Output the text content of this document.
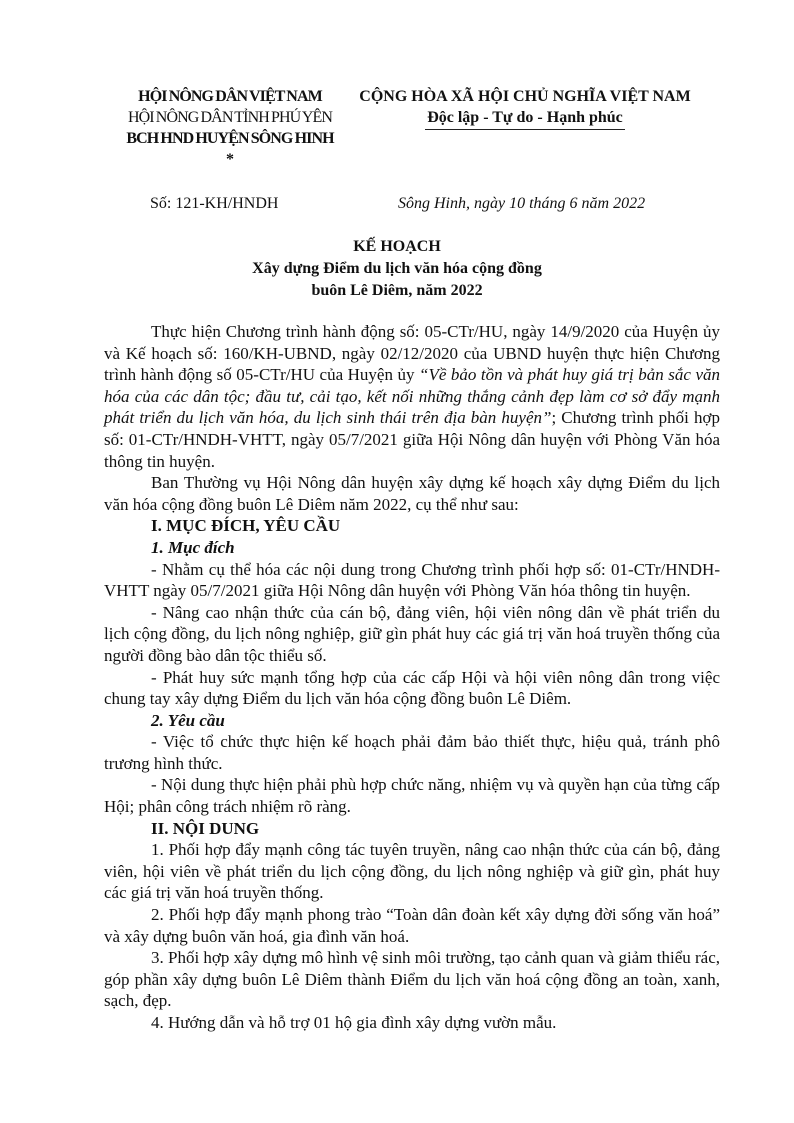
HỘI NÔNG DÂN VIỆT NAM
HỘI NÔNG DÂN TỈNH PHÚ YÊN
BCH HND HUYỆN SÔNG HINH
*
CỘNG HÒA XÃ HỘI CHỦ NGHĨA VIỆT NAM
Độc lập - Tự do - Hạnh phúc
Số: 121-KH/HNDH	Sông Hinh, ngày 10 tháng 6 năm 2022
KẾ HOẠCH
Xây dựng Điểm du lịch văn hóa cộng đồng
buôn Lê Diêm, năm 2022

Thực hiện Chương trình hành động số: 05-CTr/HU, ngày 14/9/2020 của Huyện ủy và Kế hoạch số: 160/KH-UBND, ngày 02/12/2020 của UBND huyện thực hiện Chương trình hành động số 05-CTr/HU của Huyện ủy “Về bảo tồn và phát huy giá trị bản sắc văn hóa của các dân tộc; đầu tư, cải tạo, kết nối những thắng cảnh đẹp làm cơ sở đẩy mạnh phát triển du lịch văn hóa, du lịch sinh thái trên địa bàn huyện”; Chương trình phối hợp số: 01-CTr/HNDH-VHTT, ngày 05/7/2021 giữa Hội Nông dân huyện với Phòng Văn hóa thông tin huyện.

Ban Thường vụ Hội Nông dân huyện xây dựng kế hoạch xây dựng Điểm du lịch văn hóa cộng đồng buôn Lê Diêm năm 2022, cụ thể như sau:

I. MỤC ĐÍCH, YÊU CẦU

1. Mục đích

- Nhằm cụ thể hóa các nội dung trong Chương trình phối hợp số: 01-CTr/HNDH-VHTT ngày 05/7/2021 giữa Hội Nông dân huyện với Phòng Văn hóa thông tin huyện.

- Nâng cao nhận thức của cán bộ, đảng viên, hội viên nông dân về phát triển du lịch cộng đồng, du lịch nông nghiệp, giữ gìn phát huy các giá trị văn hoá truyền thống của người đồng bào dân tộc thiểu số.

- Phát huy sức mạnh tổng hợp của các cấp Hội và hội viên nông dân trong việc chung tay xây dựng Điểm du lịch văn hóa cộng đồng buôn Lê Diêm.

2. Yêu cầu

- Việc tổ chức thực hiện kế hoạch phải đảm bảo thiết thực, hiệu quả, tránh phô trương hình thức.

- Nội dung thực hiện phải phù hợp chức năng, nhiệm vụ và quyền hạn của từng cấp Hội; phân công trách nhiệm rõ ràng.

II. NỘI DUNG

1. Phối hợp đẩy mạnh công tác tuyên truyền, nâng cao nhận thức của cán bộ, đảng viên, hội viên về phát triển du lịch cộng đồng, du lịch nông nghiệp và giữ gìn, phát huy các giá trị văn hoá truyền thống.

2. Phối hợp đẩy mạnh phong trào “Toàn dân đoàn kết xây dựng đời sống văn hoá” và xây dựng buôn văn hoá, gia đình văn hoá.

3. Phối hợp xây dựng mô hình vệ sinh môi trường, tạo cảnh quan và giảm thiểu rác, góp phần xây dựng buôn Lê Diêm thành Điểm du lịch văn hoá cộng đồng an toàn, xanh, sạch, đẹp.

4. Hướng dẫn và hỗ trợ 01 hộ gia đình xây dựng vườn mẫu.
